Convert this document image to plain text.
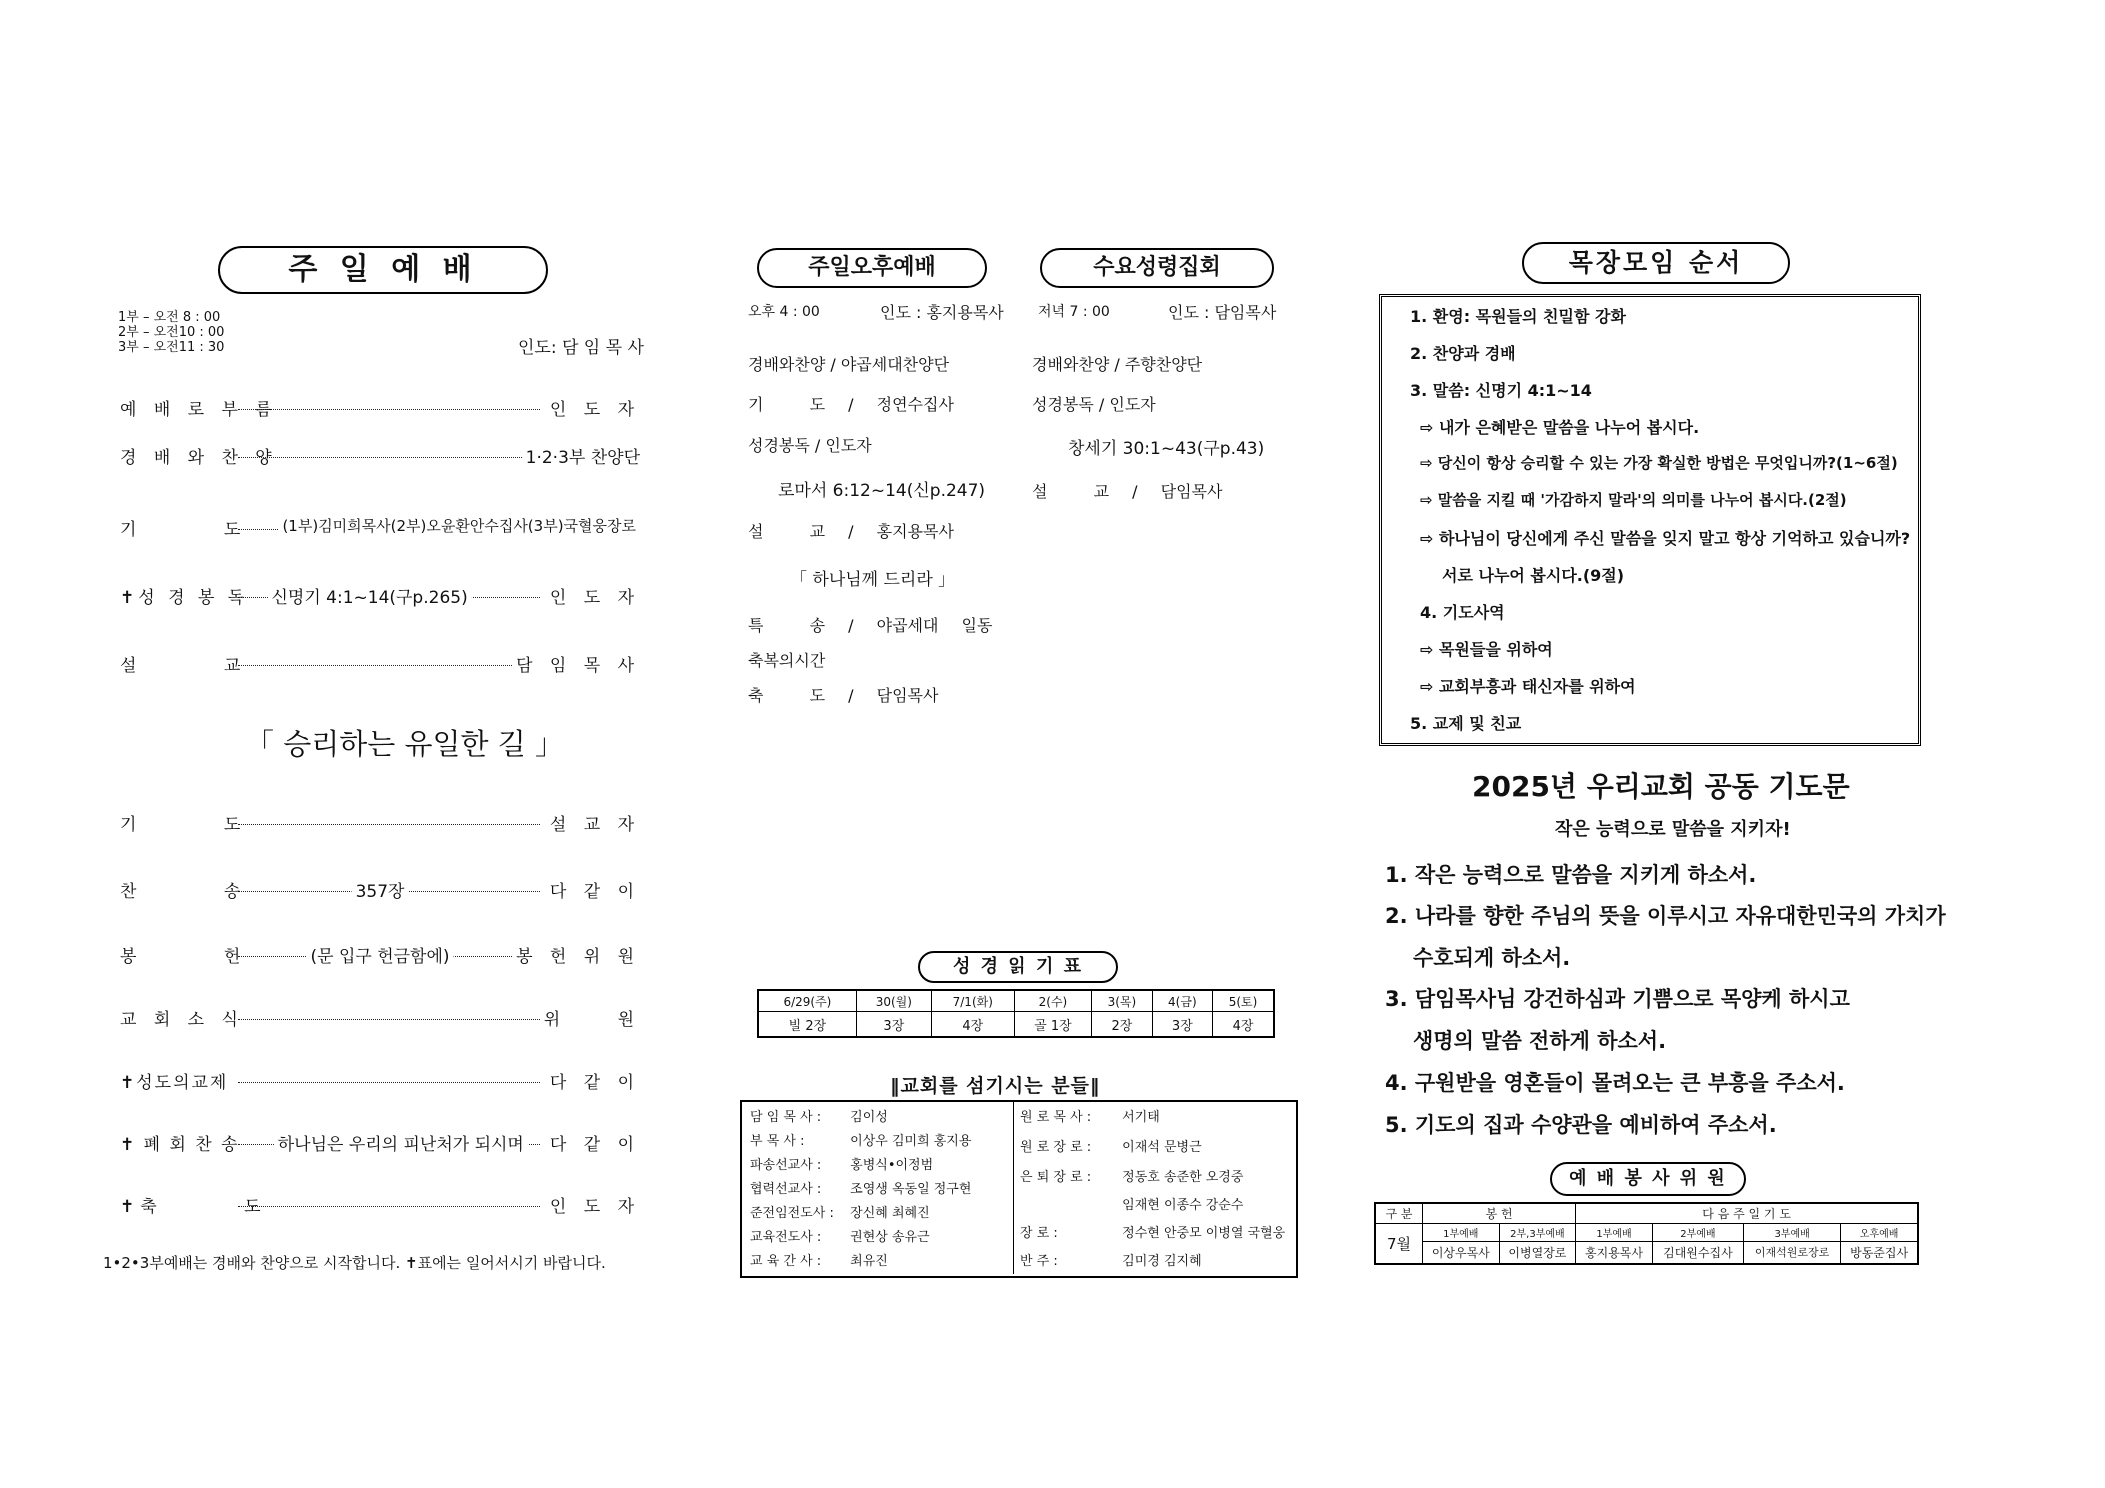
주 일 예 배
1부 – 오전 8 : 00
2부 – 오전10 : 00
3부 – 오전11 : 30	인도: 담 임 목 사
예 배 로 부 름	인 도 자
경 배 와 찬 양	1·2·3부 찬양단
기 도 (1부)김미희목사(2부)오윤환안수집사(3부)국혈웅장로
✝성 경 봉 독 신명기 4:1~14(구p.265)	인 도 자
설 교	담 임 목 사
「 승리하는 유일한 길 」
기 도	설 교 자
찬 송	357장	다 같 이
봉 헌	(문 입구 헌금함에)	봉 헌 위 원
교 회 소 식	위 원
✝성도의교제	다 같 이
✝ 폐 회 찬 송 하나님은 우리의 피난처가 되시며 다 같 이
✝축 도	인 도 자
1•2•3부예배는 경배와 찬양으로 시작합니다. ✝표에는 일어서시기 바랍니다.
주일오후예배	수요성령집회
오후 4 : 00	인도 : 홍지용목사
경배와찬양 / 야곱세대찬양단
기  도 / 정연수집사
성경봉독 / 인도자
로마서 6:12~14(신p.247)
설  교 / 홍지용목사
「 하나님께 드리라 」
특  송 / 야곱세대 일동
축복의시간
축  도 / 담임목사
저녁 7 : 00	인도 : 담임목사
경배와찬양 / 주향찬양단
성경봉독 / 인도자
창세기 30:1~43(구p.43)
설  교 / 담임목사
성 경 읽 기 표
6/29(주)	30(월)	7/1(화)	2(수)	3(목)	4(금)	5(토)
빌 2장	3장	4장	골 1장	2장	3장	4장
‖교회를 섬기시는 분들‖
담 임 목 사 : 김이성
부 목 사 :	이상우 김미희 홍지용
파송선교사 : 홍병식•이정범
협력선교사 : 조영생 옥동일 정구현
준전임전도사 : 장신혜 최혜진
교육전도사 : 권현상 송유근
교 육 간 사 : 최유진
원 로 목 사 : 서기태
원 로 장 로 : 이재석 문병근
은 퇴 장 로 : 정동호 송준한 오경중
임재현 이종수 강순수
장 로 :	정수현 안중모 이병열 국혈웅
반 주 :	김미경 김지혜
목장모임 순서
1. 환영: 목원들의 친밀함 강화
2. 찬양과 경배
3. 말씀: 신명기 4:1~14
⇨ 내가 은혜받은 말씀을 나누어 봅시다.
⇨ 당신이 항상 승리할 수 있는 가장 확실한 방법은 무엇입니까?(1~6절)
⇨ 말씀을 지킬 때 '가감하지 말라'의 의미를 나누어 봅시다.(2절)
⇨ 하나님이 당신에게 주신 말씀을 잊지 말고 항상 기억하고 있습니까?
서로 나누어 봅시다.(9절)
4. 기도사역
⇨ 목원들을 위하여
⇨ 교회부흥과 태신자를 위하여
5. 교제 및 친교
2025년 우리교회 공동 기도문
작은 능력으로 말씀을 지키자!
1. 작은 능력으로 말씀을 지키게 하소서.
2. 나라를 향한 주님의 뜻을 이루시고 자유대한민국의 가치가
수호되게 하소서.
3. 담임목사님 강건하심과 기쁨으로 목양케 하시고
생명의 말씀 전하게 하소서.
4. 구원받을 영혼들이 몰려오는 큰 부흥을 주소서.
5. 기도의 집과 수양관을 예비하여 주소서.
예 배 봉 사 위 원
구 분	봉 헌		다 음 주 일 기 도			
7월	1부예배	2부,3부예배	1부예배	2부예배	3부예배	오후예배
	이상우목사	이병열장로	홍지용목사	김대원수집사	이재석원로장로	방동준집사
